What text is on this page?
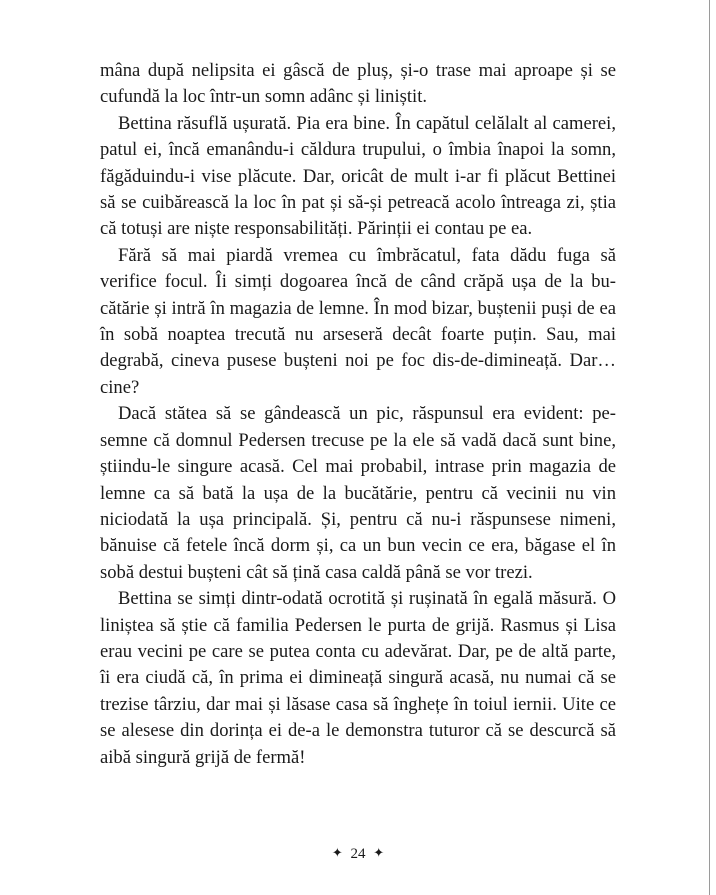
mâna după nelipsita ei gâscă de pluș, și-o trase mai aproape și se cufundă la loc într-un somn adânc și liniștit.

Bettina răsuflă ușurată. Pia era bine. În capătul celălalt al camerei, patul ei, încă emanându-i căldura trupului, o îmbia înapoi la somn, făgăduindu-i vise plăcute. Dar, oricât de mult i-ar fi plăcut Bettinei să se cuibărească la loc în pat și să-și petreacă acolo întreaga zi, știa că totuși are niște responsabilități. Părinții ei contau pe ea.

Fără să mai piardă vremea cu îmbrăcatul, fata dădu fuga să verifice focul. Îi simți dogoarea încă de când crăpă ușa de la bucătărie și intră în magazia de lemne. În mod bizar, buștenii puși de ea în sobă noaptea trecută nu arseseră decât foarte puțin. Sau, mai degrabă, cineva pusese bușteni noi pe foc dis-de-dimineață. Dar… cine?

Dacă stătea să se gândească un pic, răspunsul era evident: pesemne că domnul Pedersen trecuse pe la ele să vadă dacă sunt bine, știindu-le singure acasă. Cel mai probabil, intrase prin magazia de lemne ca să bată la ușa de la bucătărie, pentru că vecinii nu vin niciodată la ușa principală. Și, pentru că nu-i răspunsese nimeni, bănuise că fetele încă dorm și, ca un bun vecin ce era, băgase el în sobă destui bușteni cât să țină casa caldă până se vor trezi.

Bettina se simți dintr-odată ocrotită și rușinată în egală măsură. O liniștea să știe că familia Pedersen le purta de grijă. Rasmus și Lisa erau vecini pe care se putea conta cu adevărat. Dar, pe de altă parte, îi era ciudă că, în prima ei dimineață singură acasă, nu numai că se trezise târziu, dar mai și lăsase casa să înghețe în toiul iernii. Uite ce se alesese din dorința ei de-a le demonstra tuturor că se descurcă să aibă singură grijă de fermă!

✦ 24 ✦
